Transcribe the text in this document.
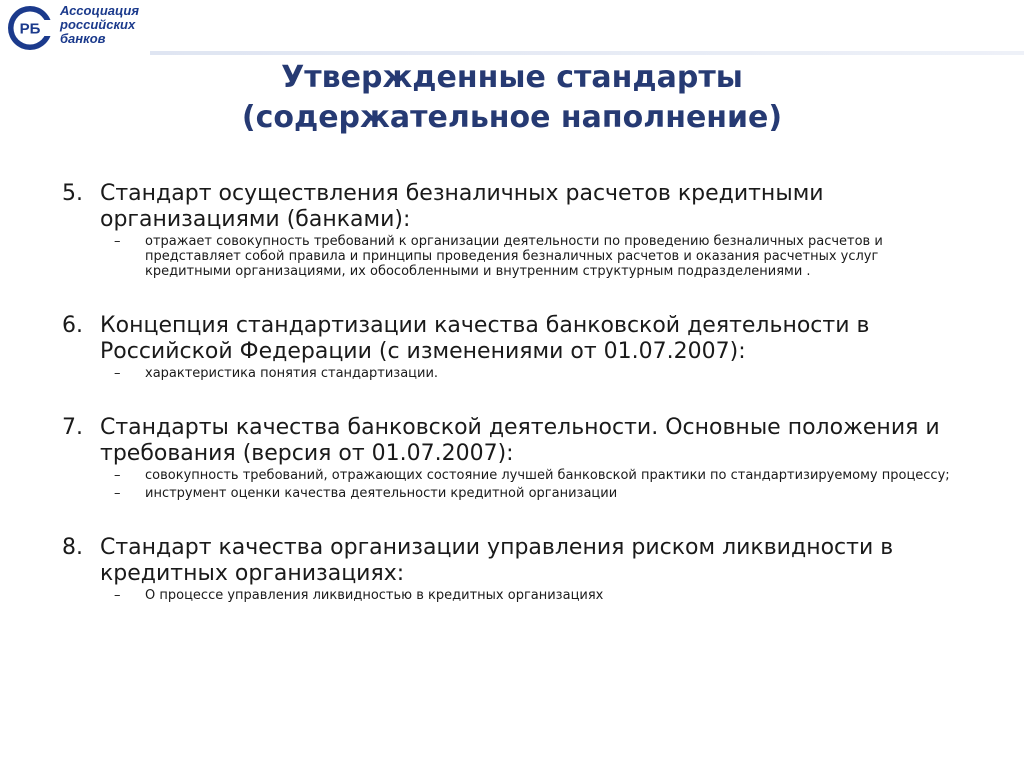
РБ
Ассоциация
российских
банков
Утвержденные стандарты
(содержательное наполнение)
5. Стандарт осуществления безналичных расчетов кредитными организациями (банками):
– отражает совокупность требований к организации деятельности по проведению безналичных расчетов и представляет собой правила и принципы проведения безналичных расчетов и оказания расчетных услуг кредитными организациями, их обособленными и внутренним структурным подразделениями .
6. Концепция стандартизации качества банковской деятельности в Российской Федерации (с изменениями от 01.07.2007):
– характеристика понятия стандартизации.
7. Стандарты качества банковской деятельности. Основные положения и требования (версия от 01.07.2007):
– совокупность требований, отражающих состояние лучшей банковской практики по стандартизируемому процессу;
– инструмент оценки качества деятельности кредитной организации
8. Стандарт качества организации управления риском ликвидности в кредитных организациях:
– О процессе управления ликвидностью в кредитных организациях
